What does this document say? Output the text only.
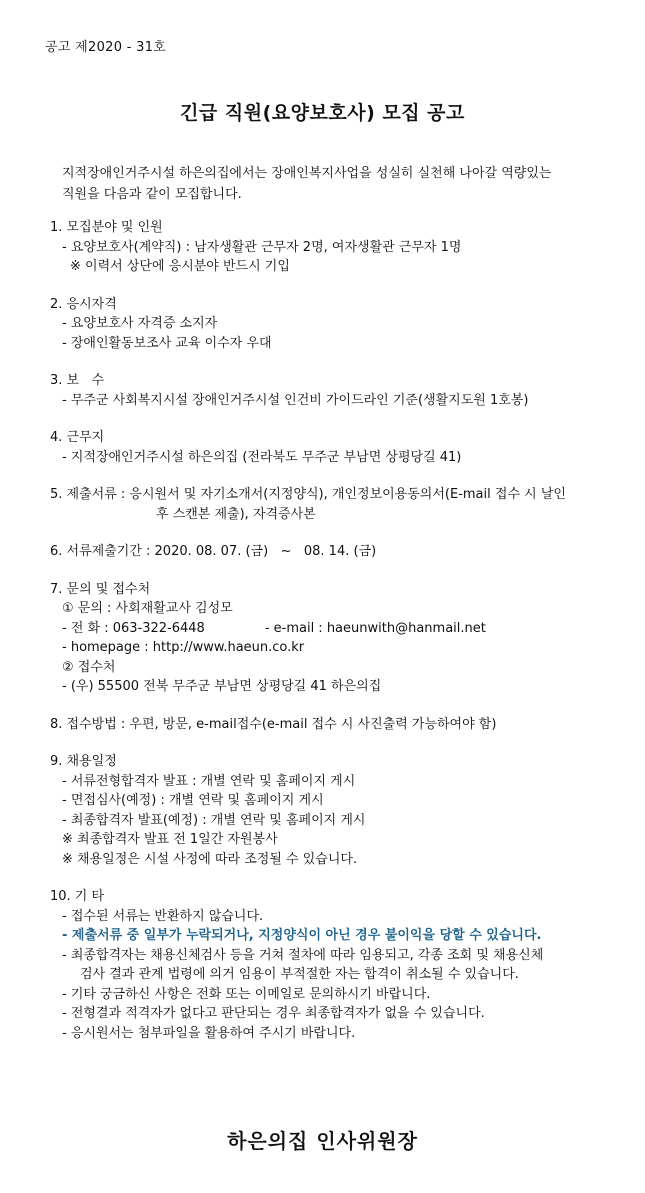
공고 제2020 - 31호
긴급 직원(요양보호사) 모집 공고
지적장애인거주시설 하은의집에서는 장애인복지사업을 성실히 실천해 나아갈 역량있는
직원을 다음과 같이 모집합니다.
1. 모집분야 및 인원
- 요양보호사(계약직) : 남자생활관 근무자 2명, 여자생활관 근무자 1명
※ 이력서 상단에 응시분야 반드시 기입
2. 응시자격
- 요양보호사 자격증 소지자
- 장애인활동보조사 교육 이수자 우대
3. 보   수
- 무주군 사회복지시설 장애인거주시설 인건비 가이드라인 기준(생활지도원 1호봉)
4. 근무지
- 지적장애인거주시설 하은의집 (전라북도 무주군 부남면 상평당길 41)
5. 제출서류 : 응시원서 및 자기소개서(지정양식), 개인정보이용동의서(E-mail 접수 시 날인
후 스캔본 제출), 자격증사본
6. 서류제출기간 : 2020. 08. 07. (금)   ~   08. 14. (금)
7. 문의 및 접수처
① 문의 : 사회재활교사 김성모
- 전 화 : 063-322-6448	- e-mail : haeunwith@hanmail.net
- homepage : http://www.haeun.co.kr
② 접수처
- (우) 55500 전북 무주군 부남면 상평당길 41 하은의집
8. 접수방법 : 우편, 방문, e-mail접수(e-mail 접수 시 사진출력 가능하여야 함)
9. 채용일정
- 서류전형합격자 발표 : 개별 연락 및 홈페이지 게시
- 면접심사(예정) : 개별 연락 및 홈페이지 게시
- 최종합격자 발표(예정) : 개별 연락 및 홈페이지 게시
※ 최종합격자 발표 전 1일간 자원봉사
※ 채용일정은 시설 사정에 따라 조정될 수 있습니다.
10. 기 타
- 접수된 서류는 반환하지 않습니다.
- 제출서류 중 일부가 누락되거나, 지정양식이 아닌 경우 불이익을 당할 수 있습니다.
- 최종합격자는 채용신체검사 등을 거쳐 절차에 따라 임용되고, 각종 조회 및 채용신체
검사 결과 관계 법령에 의거 임용이 부적절한 자는 합격이 취소될 수 있습니다.
- 기타 궁금하신 사항은 전화 또는 이메일로 문의하시기 바랍니다.
- 전형결과 적격자가 없다고 판단되는 경우 최종합격자가 없을 수 있습니다.
- 응시원서는 첨부파일을 활용하여 주시기 바랍니다.
하은의집 인사위원장
